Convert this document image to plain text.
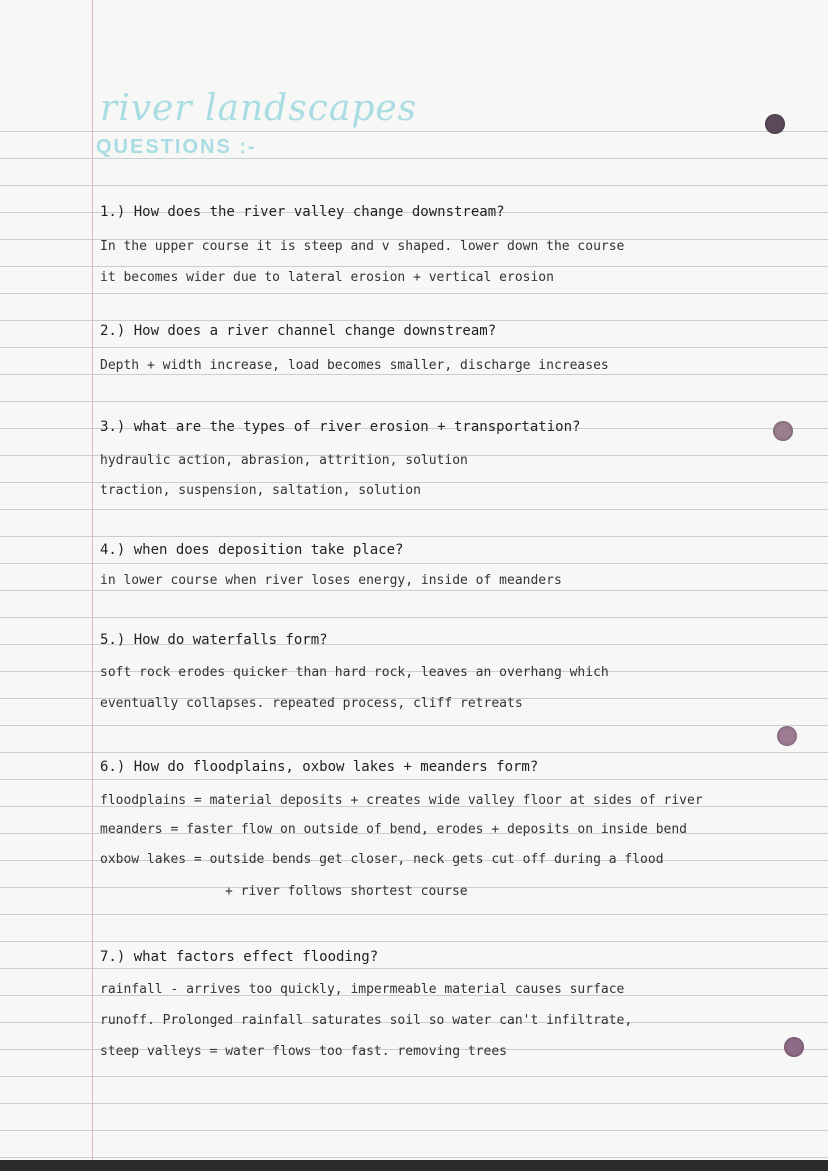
river landscapes
QUESTIONS :-
1.) How does the river valley change downstream?
In the upper course it is steep and v shaped. lower down the course
it becomes wider due to lateral erosion + vertical erosion
2.) How does a river channel change downstream?
Depth + width increase, load becomes smaller, discharge increases
3.) what are the types of river erosion + transportation?
hydraulic action, abrasion, attrition, solution
traction, suspension, saltation, solution
4.) when does deposition take place?
in lower course when river loses energy, inside of meanders
5.) How do waterfalls form?
soft rock erodes quicker than hard rock, leaves an overhang which
eventually collapses. repeated process, cliff retreats
6.) How do floodplains, oxbow lakes + meanders form?
floodplains = material deposits + creates wide valley floor at sides of river
meanders = faster flow on outside of bend, erodes + deposits on inside bend
oxbow lakes = outside bends get closer, neck gets cut off during a flood
+ river follows shortest course
7.) what factors effect flooding?
rainfall - arrives too quickly, impermeable material causes surface
runoff. Prolonged rainfall saturates soil so water can't infiltrate,
steep valleys = water flows too fast. removing trees
